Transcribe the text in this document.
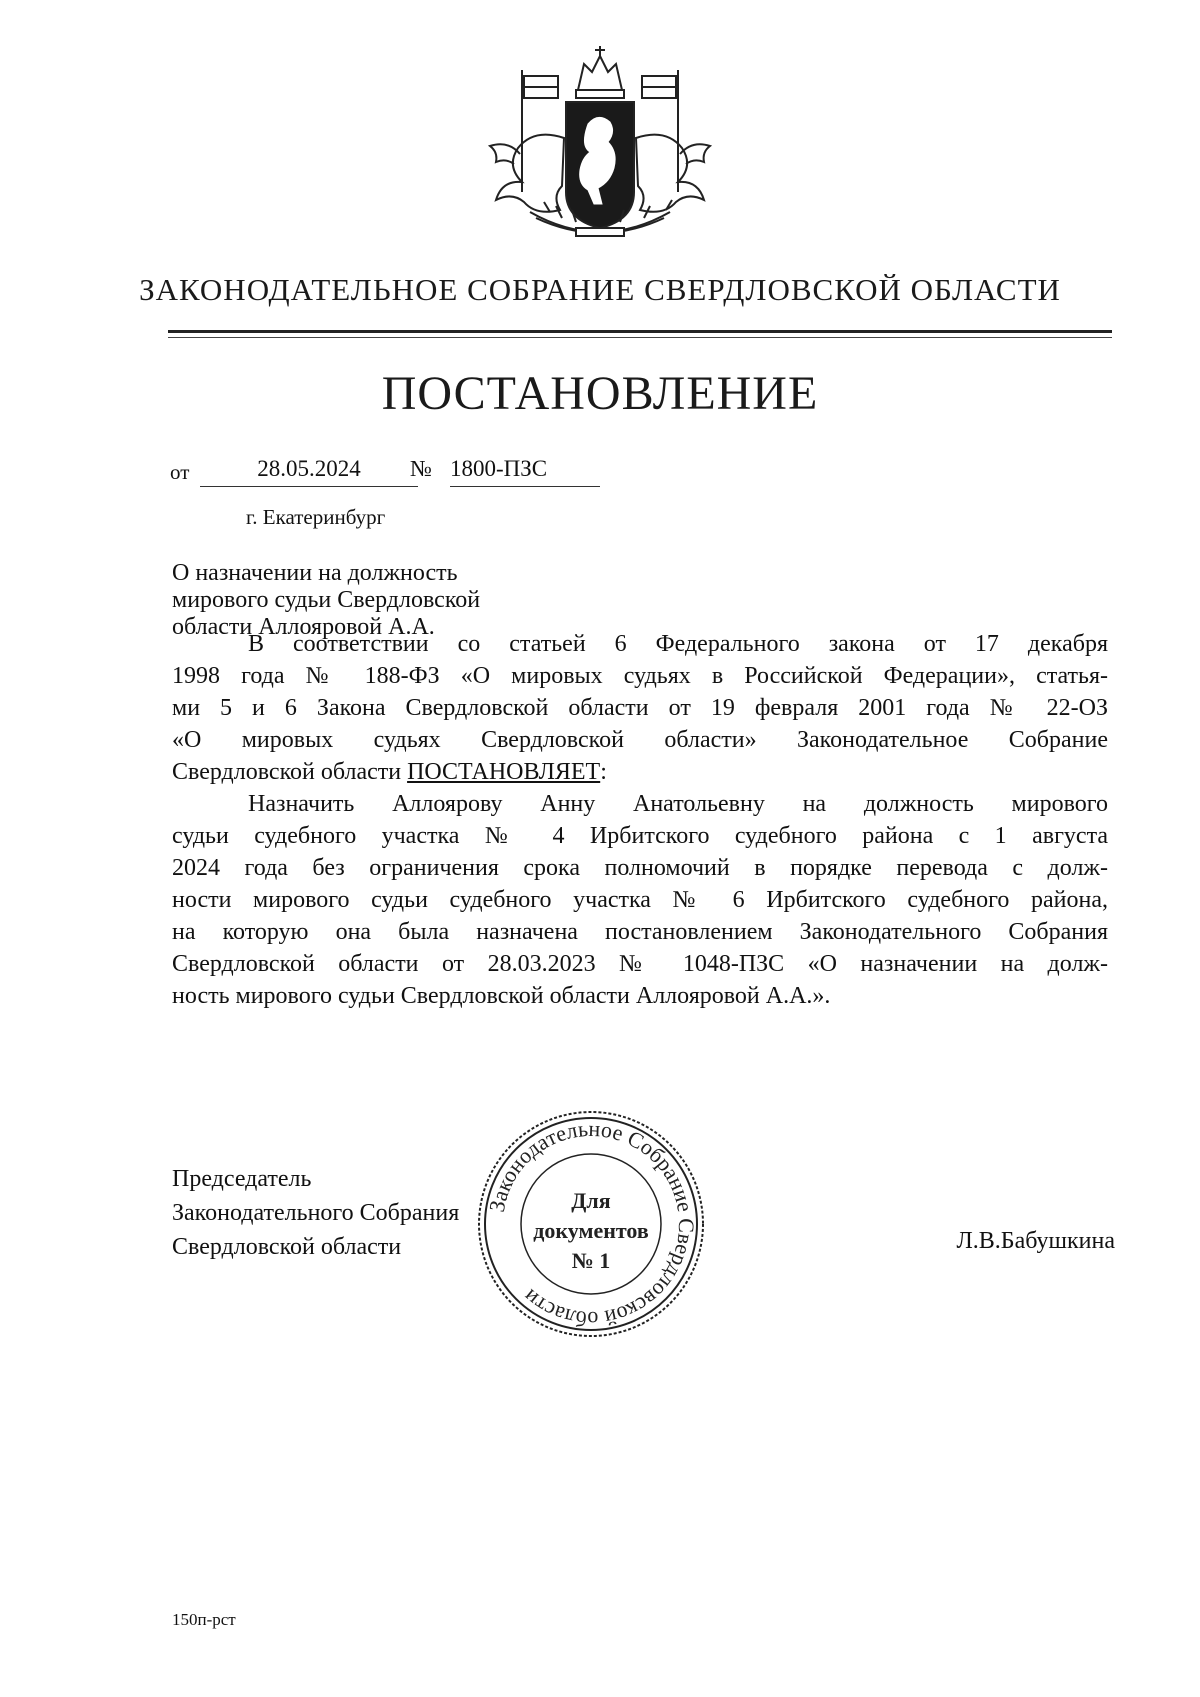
ЗАКОНОДАТЕЛЬНОЕ СОБРАНИЕ СВЕРДЛОВСКОЙ ОБЛАСТИ
ПОСТАНОВЛЕНИЕ
от	28.05.2024	№ 1800-ПЗС
г. Екатеринбург
О назначении на должность
мирового судьи Свердловской
области Аллояровой А.А.
В соответствии со статьей 6 Федерального закона от 17 декабря
1998 года № 188-ФЗ «О мировых судьях в Российской Федерации», статья-
ми 5 и 6 Закона Свердловской области от 19 февраля 2001 года № 22-ОЗ
«О мировых судьях Свердловской области» Законодательное Собрание
Свердловской области ПОСТАНОВЛЯЕТ:
Назначить Аллоярову Анну Анатольевну на должность мирового
судьи судебного участка № 4 Ирбитского судебного района с 1 августа
2024 года без ограничения срока полномочий в порядке перевода с долж-
ности мирового судьи судебного участка № 6 Ирбитского судебного района,
на которую она была назначена постановлением Законодательного Собрания
Свердловской области от 28.03.2023 № 1048-ПЗС «О назначении на долж-
ность мирового судьи Свердловской области Аллояровой А.А.».
Председатель
Законодательного Собрания
Свердловской области
Законодательное Собрание Свердловской области
Для
документов
№ 1
Л.В.Бабушкина
150п-рст
